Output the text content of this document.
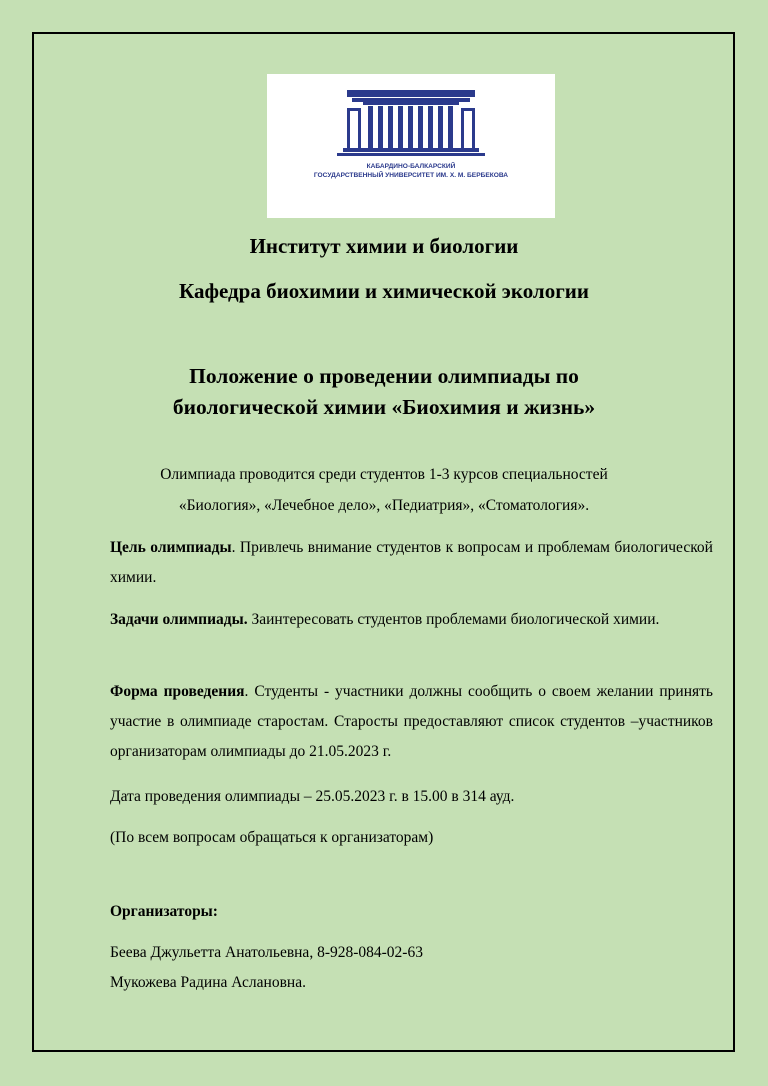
КАБАРДИНО-БАЛКАРСКИЙ
ГОСУДАРСТВЕННЫЙ УНИВЕРСИТЕТ ИМ. Х. М. БЕРБЕКОВА
Институт химии и биологии
Кафедра биохимии и химической экологии
Положение о проведении олимпиады по
биологической химии «Биохимия и жизнь»
Олимпиада проводится среди студентов 1-3 курсов специальностей
«Биология», «Лечебное дело», «Педиатрия», «Стоматология».
Цель олимпиады. Привлечь внимание студентов к вопросам и проблемам биологической химии.
Задачи олимпиады. Заинтересовать студентов проблемами биологической химии.
Форма проведения. Студенты - участники должны сообщить о своем желании принять участие в олимпиаде старостам. Старосты предоставляют список студентов –участников организаторам олимпиады до 21.05.2023 г.
Дата проведения олимпиады – 25.05.2023 г. в 15.00 в 314 ауд.
(По всем вопросам обращаться к организаторам)
Организаторы:
Беева Джульетта Анатольевна, 8-928-084-02-63
Мукожева Радина Аслановна.
